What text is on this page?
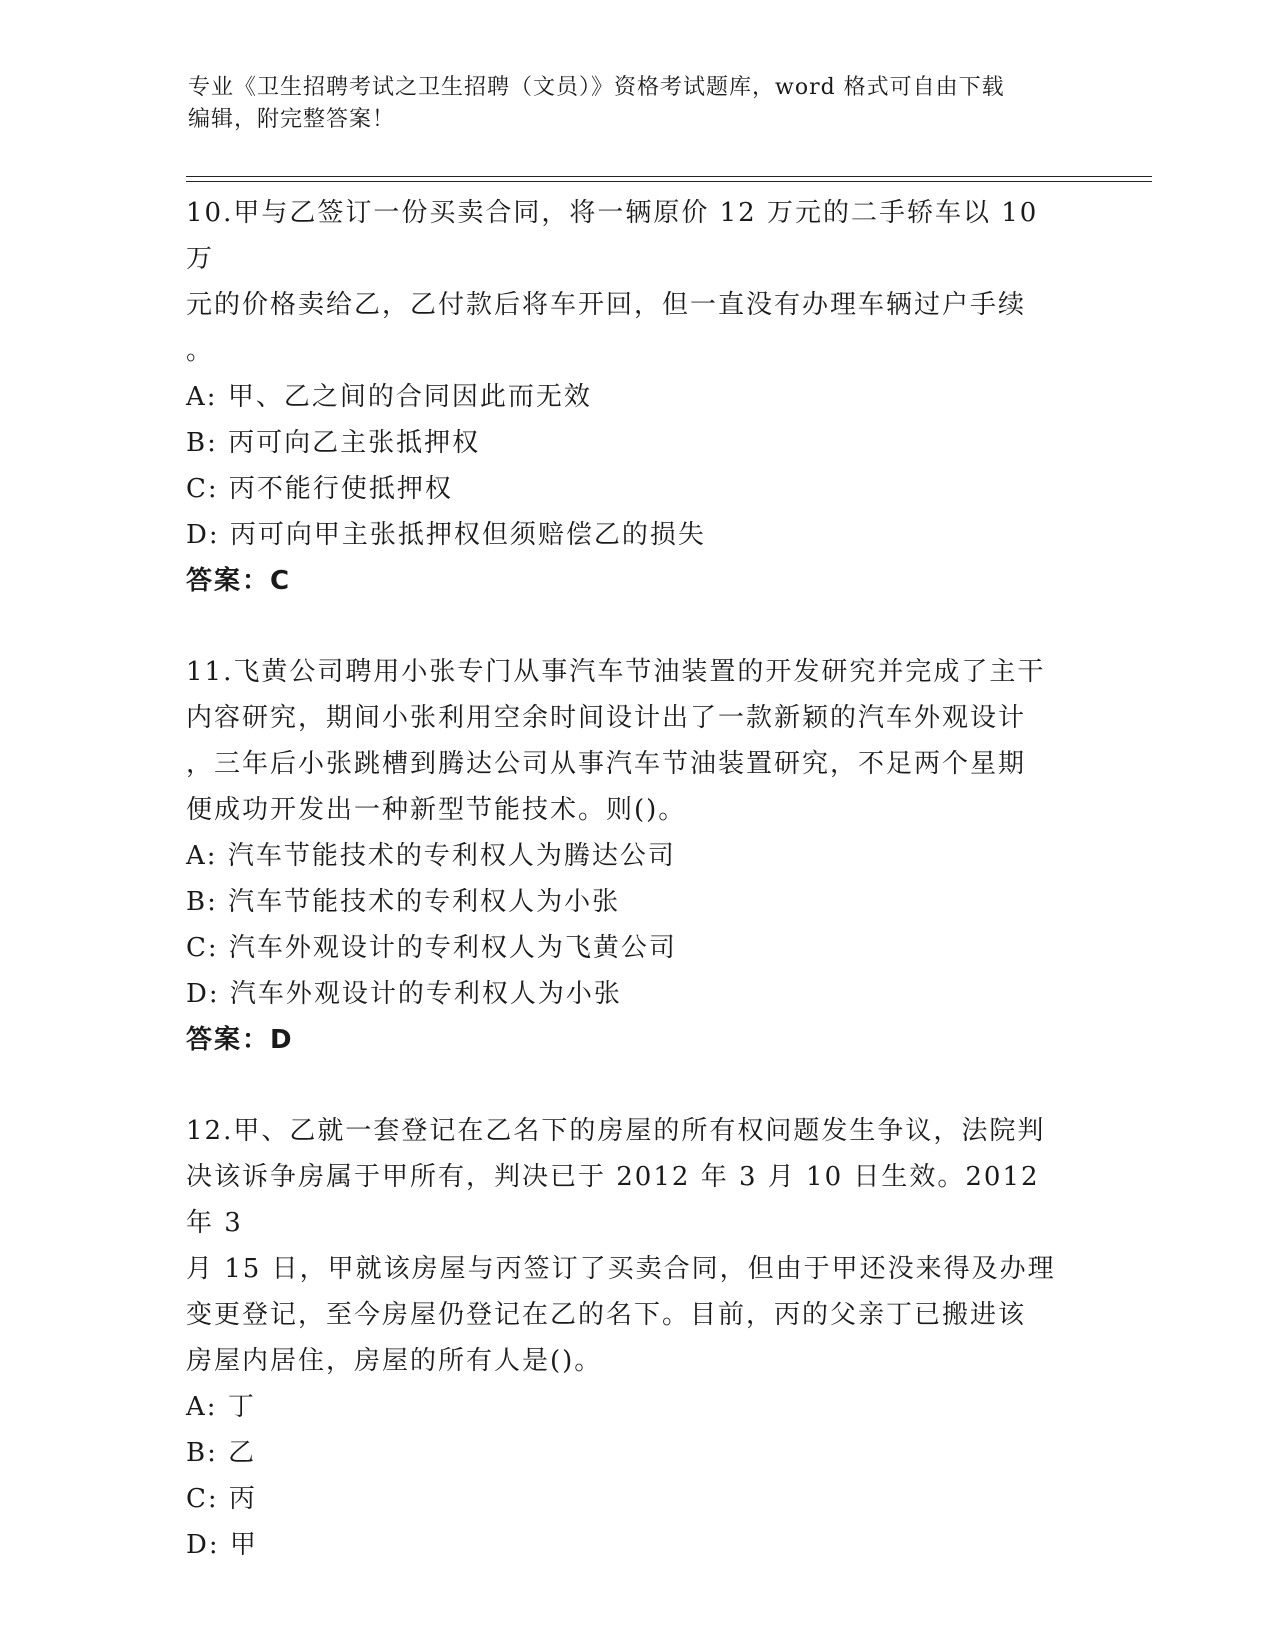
专业《卫生招聘考试之卫生招聘（文员）》资格考试题库，word 格式可自由下载
编辑，附完整答案！
10.甲与乙签订一份买卖合同，将一辆原价 12 万元的二手轿车以 10 万
元的价格卖给乙，乙付款后将车开回，但一直没有办理车辆过户手续
。
A: 甲、乙之间的合同因此而无效
B: 丙可向乙主张抵押权
C: 丙不能行使抵押权
D: 丙可向甲主张抵押权但须赔偿乙的损失
答案：C
11.飞黄公司聘用小张专门从事汽车节油装置的开发研究并完成了主干
内容研究，期间小张利用空余时间设计出了一款新颖的汽车外观设计
，三年后小张跳槽到腾达公司从事汽车节油装置研究，不足两个星期
便成功开发出一种新型节能技术。则()。
A: 汽车节能技术的专利权人为腾达公司
B: 汽车节能技术的专利权人为小张
C: 汽车外观设计的专利权人为飞黄公司
D: 汽车外观设计的专利权人为小张
答案：D
12.甲、乙就一套登记在乙名下的房屋的所有权问题发生争议，法院判
决该诉争房属于甲所有，判决已于 2012 年 3 月 10 日生效。2012 年 3
月 15 日，甲就该房屋与丙签订了买卖合同，但由于甲还没来得及办理
变更登记，至今房屋仍登记在乙的名下。目前，丙的父亲丁已搬进该
房屋内居住，房屋的所有人是()。
A: 丁
B: 乙
C: 丙
D: 甲
